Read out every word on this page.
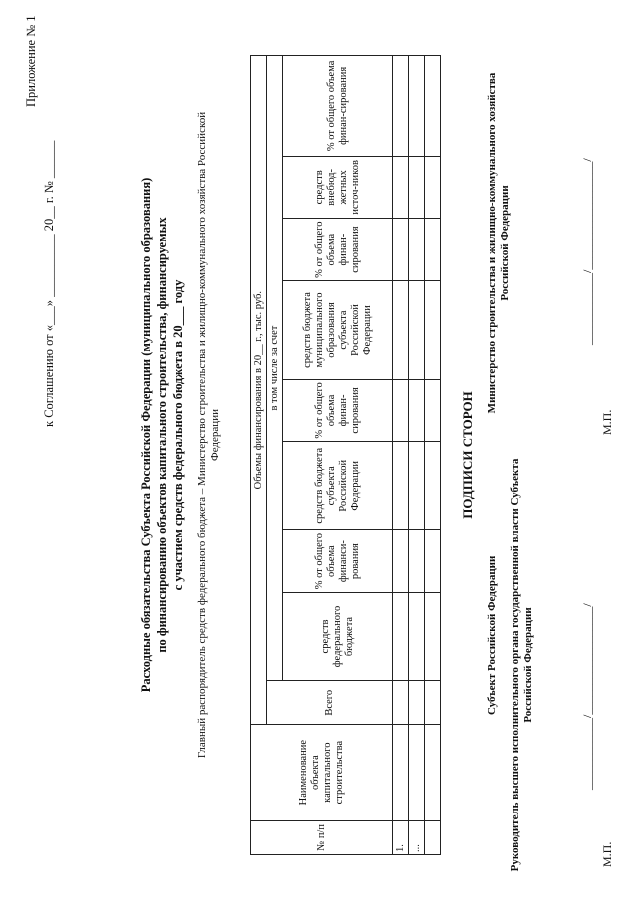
Приложение № 1
к Соглашению от «___» __________ 20__ г. № ______	Расходные обязательства Субъекта Российской Федерации (муниципального образования) по финансированию объектов капитального строительства, финансируемых с участием средств федерального бюджета в 20___ году Главный распорядитель средств федерального бюджета – Министерство строительства и жилищно-коммунального хозяйства Российской Федерации
№ п/п	Наименование объекта капитального строительства	Объемы финансирования в 20__ г., тыс. руб.								
		Всего	в том числе за счет							
			средств федерального бюджета	% от общего объема финанси-рования	средств бюджета субъекта Российской Федерации	% от общего объема финан-сирования	средств бюджета муниципального образования субъекта Российской Федерации	% от общего объема финан-сирования	средств внебюд-жетных источ-ников	% от общего объема финан-сирования
1.										
...										

ПОДПИСИ СТОРОН
Субъект Российской Федерации
Министерство строительства и жилищно-коммунального хозяйства Российской Федерации
Руководитель высшего исполнительного органа государственной власти Субъекта Российской Федерации	____________/__________________/
М.П.
____________/__________________/
М.П.
